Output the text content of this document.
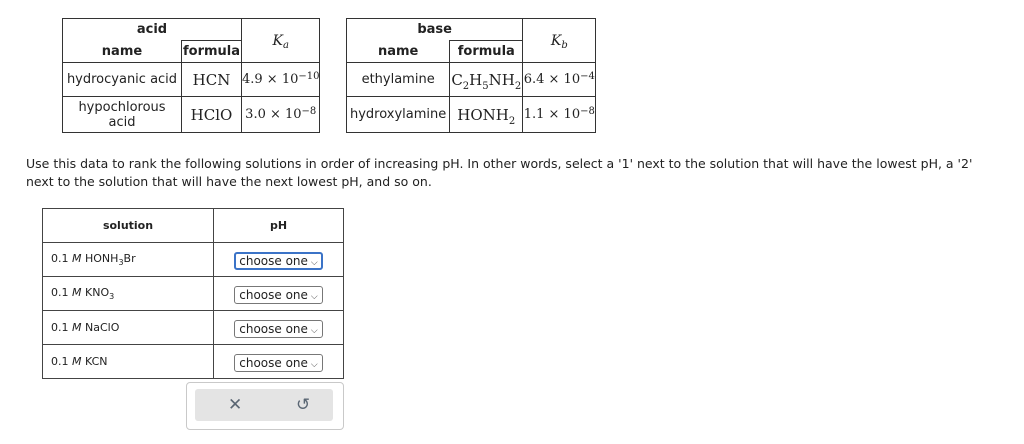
acid		$K_a$
name	formula	
hydrocyanic acid	HCN	$4.9 \times 10^{-10}$
hypochlorous acid	HClO	$3.0 \times 10^{-8}$
base		$K_b$
name	formula	
ethylamine	$C_2H_5NH_2$	$6.4 \times 10^{-4}$
hydroxylamine	$HONH_2$	$1.1 \times 10^{-8}$
Use this data to rank the following solutions in order of increasing pH. In other words, select a '1' next to the solution that will have the lowest pH, a '2' next to the solution that will have the next lowest pH, and so on.
solution	pH
0.1 M $HONH_3Br$	choose one ⌵
0.1 M $KNO_3$	choose one ⌵
0.1 M NaClO	choose one ⌵
0.1 M KCN	choose one ⌵
✕	↺
